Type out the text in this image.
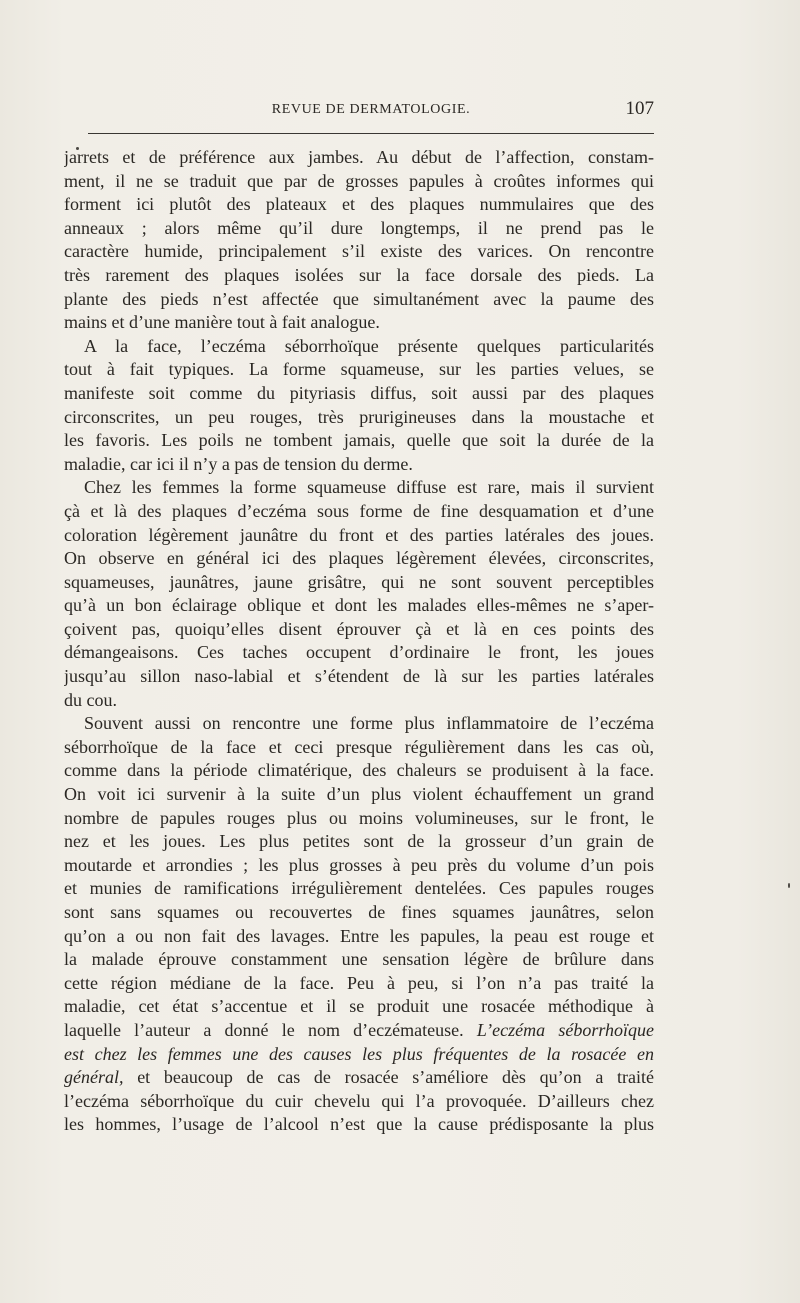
REVUE DE DERMATOLOGIE.	107
jarrets et de préférence aux jambes. Au début de l’affection, constam-
ment, il ne se traduit que par de grosses papules à croûtes informes qui
forment ici plutôt des plateaux et des plaques nummulaires que des
anneaux ; alors même qu’il dure longtemps, il ne prend pas le
caractère humide, principalement s’il existe des varices. On rencontre
très rarement des plaques isolées sur la face dorsale des pieds. La
plante des pieds n’est affectée que simultanément avec la paume des
mains et d’une manière tout à fait analogue.
A la face, l’eczéma séborrhoïque présente quelques particularités
tout à fait typiques. La forme squameuse, sur les parties velues, se
manifeste soit comme du pityriasis diffus, soit aussi par des plaques
circonscrites, un peu rouges, très prurigineuses dans la moustache et
les favoris. Les poils ne tombent jamais, quelle que soit la durée de la
maladie, car ici il n’y a pas de tension du derme.
Chez les femmes la forme squameuse diffuse est rare, mais il survient
çà et là des plaques d’eczéma sous forme de fine desquamation et d’une
coloration légèrement jaunâtre du front et des parties latérales des joues.
On observe en général ici des plaques légèrement élevées, circonscrites,
squameuses, jaunâtres, jaune grisâtre, qui ne sont souvent perceptibles
qu’à un bon éclairage oblique et dont les malades elles-mêmes ne s’aper-
çoivent pas, quoiqu’elles disent éprouver çà et là en ces points des
démangeaisons. Ces taches occupent d’ordinaire le front, les joues
jusqu’au sillon naso-labial et s’étendent de là sur les parties latérales
du cou.
Souvent aussi on rencontre une forme plus inflammatoire de l’eczéma
séborrhoïque de la face et ceci presque régulièrement dans les cas où,
comme dans la période climatérique, des chaleurs se produisent à la face.
On voit ici survenir à la suite d’un plus violent échauffement un grand
nombre de papules rouges plus ou moins volumineuses, sur le front, le
nez et les joues. Les plus petites sont de la grosseur d’un grain de
moutarde et arrondies ; les plus grosses à peu près du volume d’un pois
et munies de ramifications irrégulièrement dentelées. Ces papules rouges
sont sans squames ou recouvertes de fines squames jaunâtres, selon
qu’on a ou non fait des lavages. Entre les papules, la peau est rouge et
la malade éprouve constamment une sensation légère de brûlure dans
cette région médiane de la face. Peu à peu, si l’on n’a pas traité la
maladie, cet état s’accentue et il se produit une rosacée méthodique à
laquelle l’auteur a donné le nom d’eczémateuse. L’eczéma séborrhoïque
est chez les femmes une des causes les plus fréquentes de la rosacée en
général, et beaucoup de cas de rosacée s’améliore dès qu’on a traité
l’eczéma séborrhoïque du cuir chevelu qui l’a provoquée. D’ailleurs chez
les hommes, l’usage de l’alcool n’est que la cause prédisposante la plus
